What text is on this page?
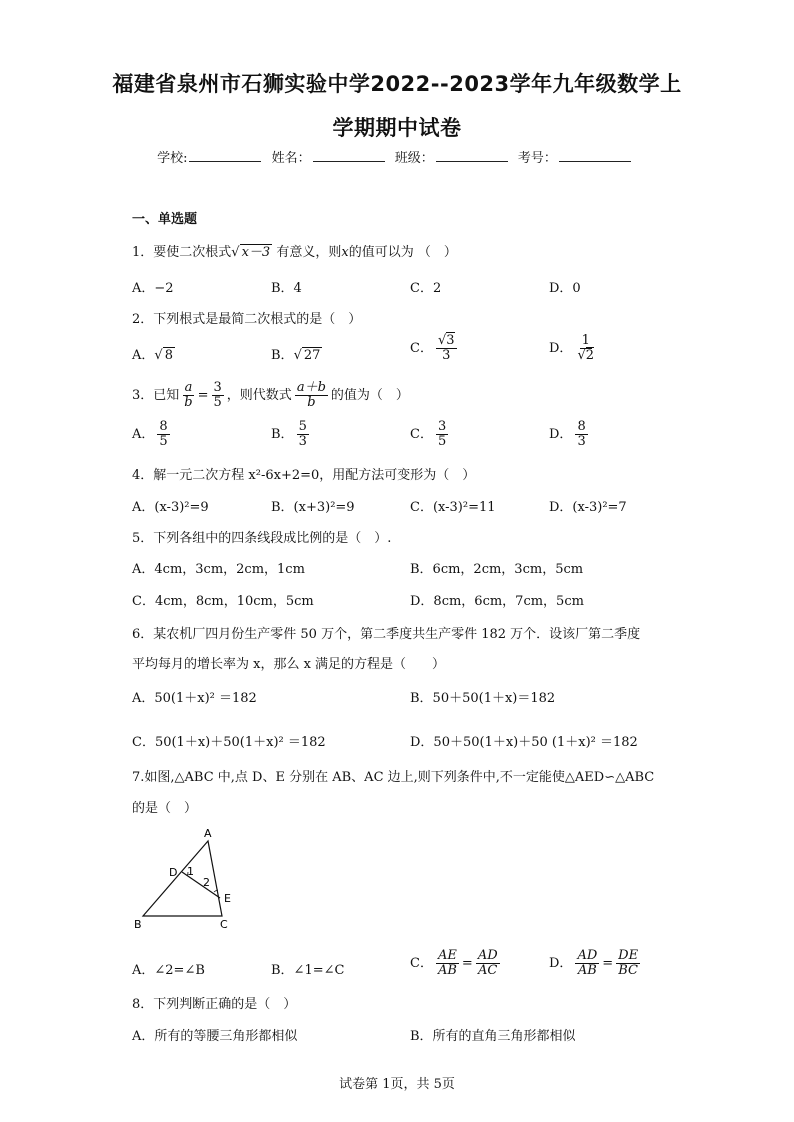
福建省泉州市石狮实验中学2022--2023学年九年级数学上
学期期中试卷
学校:	姓名：	班级：	考号：
一、单选题
1．要使二次根式√ x－3 有意义，则x的值可以为 （　）
A．−2	B．4	C．2	D．0
2．下列根式是最简二次根式的是（　）
A．√ 8	B．√ 27	C． $\frac{√3}{3}$	D． $\frac{1}{√2}$
3．已知 $\frac{a}{b} = \frac{3}{5}$ ，则代数式 $\frac{a+b}{b}$ 的值为（　）
A． $\frac{8}{5}$	B． $\frac{5}{3}$	C． $\frac{3}{5}$	D． $\frac{8}{3}$
4．解一元二次方程 x²-6x+2=0，用配方法可变形为（　）
A．(x-3)²=9	B．(x+3)²=9	C．(x-3)²=11	D．(x-3)²=7
5．下列各组中的四条线段成比例的是（　）.
A．4cm，3cm，2cm，1cm	B．6cm，2cm，3cm，5cm
C．4cm，8cm，10cm，5cm	D．8cm，6cm，7cm，5cm
6．某农机厂四月份生产零件 50 万个，第二季度共生产零件 182 万个．设该厂第二季度
平均每月的增长率为 x，那么 x 满足的方程是（　　）
A．50(1＋x)² ＝182	B．50＋50(1＋x)＝182
C．50(1＋x)＋50(1＋x)² ＝182	D．50＋50(1＋x)＋50 (1＋x)² ＝182
7.如图,△ABC 中,点 D、E 分别在 AB、AC 边上,则下列条件中,不一定能使△AED∽△ABC
的是（　）
A
B	C
D
E
1
2
A．∠2=∠B	B．∠1=∠C	C． $\frac{AE}{AB} = \frac{AD}{AC}$	D． $\frac{AD}{AB} = \frac{DE}{BC}$
8．下列判断正确的是（　）
A．所有的等腰三角形都相似	B．所有的直角三角形都相似
试卷第 1页，共 5页
